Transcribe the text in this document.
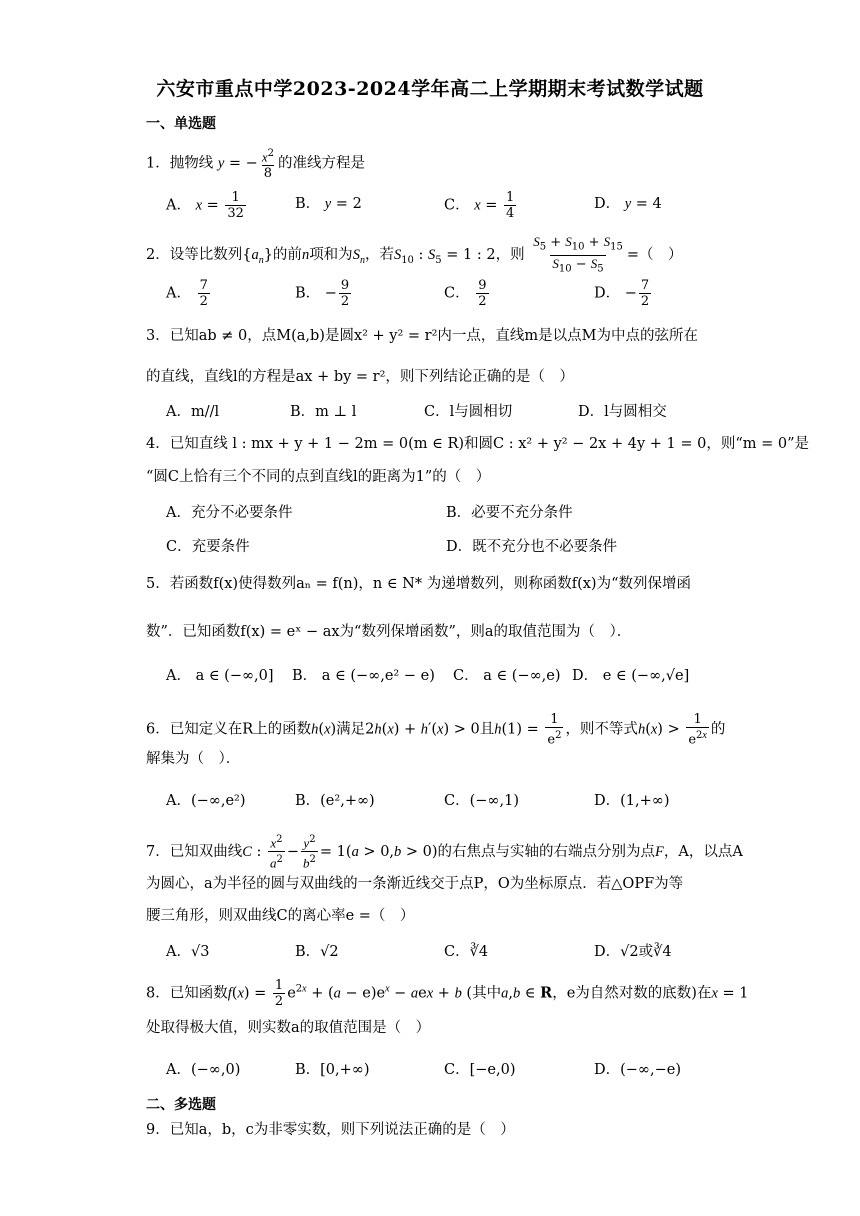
六安市重点中学2023-2024学年高二上学期期末考试数学试题
一、单选题
1．抛物线 y = − $\frac{x^2}{8}$ 的准线方程是
A． $x = \frac{1}{32}$	B． y = 2	C． $x = \frac{1}{4}$	D． y = 4
2．设等比数列$\{a_n\}$的前n项和为$S_n$，若$S_{10}$ : $S_5 = 1$ : 2，则 $\frac{S_5 + S_{10} + S_{15}}{S_{10} - S_5}$ =（　）
A． $\frac{7}{2}$	B． − $\frac{9}{2}$	C． $\frac{9}{2}$	D． − $\frac{7}{2}$
3．已知ab ≠ 0，点M(a,b)是圆x² + y² = r²内一点，直线m是以点M为中点的弦所在
的直线，直线l的方程是ax + by = r²，则下列结论正确的是（　）
A．m//l	B．m ⊥ l	C．l与圆相切	D．l与圆相交
4．已知直线 l : mx + y + 1 − 2m = 0(m ∈ R)和圆C : x² + y² − 2x + 4y + 1 = 0，则“m = 0”是
“圆C上恰有三个不同的点到直线l的距离为1”的（　）
A．充分不必要条件	B．必要不充分条件
C．充要条件	D．既不充分也不必要条件
5．若函数f(x)使得数列aₙ = f(n)，n ∈ N* 为递增数列，则称函数f(x)为“数列保增函
数”．已知函数f(x) = eˣ − ax为“数列保增函数”，则a的取值范围为（　）．
A． a ∈ (−∞,0] B． a ∈ (−∞,e² − e) C． a ∈ (−∞,e) D． e ∈ (−∞,√e]
6．已知定义在R上的函数h(x)满足2h(x) + h′(x) > 0且$h(1) = \frac{1}{e^2}$ ，则不等式$h(x) > \frac{1}{e^{2x}}$ 的
解集为（　）．
A．(−∞,e²)	B．(e²,+∞)	C．(−∞,1)	D．(1,+∞)
7．已知双曲线C : $\frac{x^2}{a^2} - \frac{y^2}{b^2} = 1(a > 0,b > 0)$的右焦点与实轴的右端点分别为点F，A，以点A
为圆心，a为半径的圆与双曲线的一条渐近线交于点P，O为坐标原点．若△OPF为等
腰三角形，则双曲线C的离心率e =（　）
A．√3	B．√2	C．∛4	D．√2或∛4
8．已知函数$f(x) = \frac{1}{2} e^{2x} + (a - e)e^x$ − aex + b (其中a,b ∈ R，e为自然对数的底数)在x = 1
处取得极大值，则实数a的取值范围是（　）
A．(−∞,0)	B．[0,+∞)	C．[−e,0)	D．(−∞,−e)
二、多选题
9．已知a，b，c为非零实数，则下列说法正确的是（　）
